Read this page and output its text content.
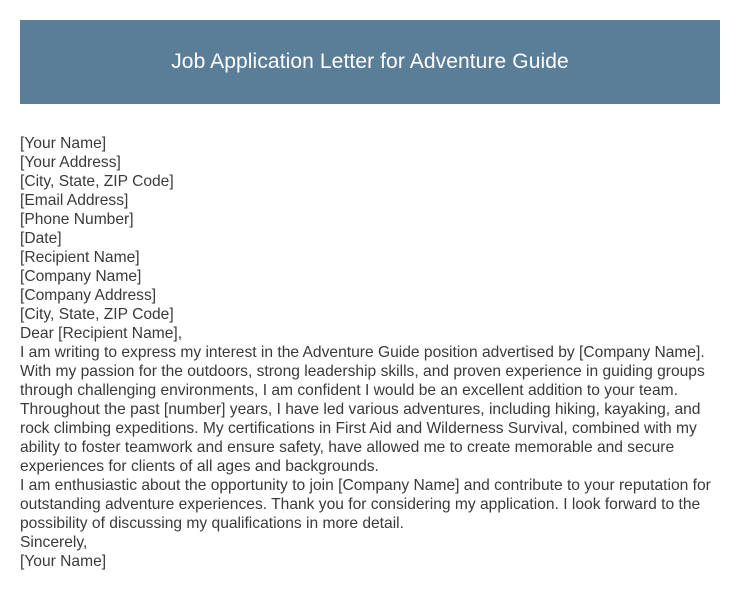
Job Application Letter for Adventure Guide
[Your Name]
[Your Address]
[City, State, ZIP Code]
[Email Address]
[Phone Number]
[Date]
[Recipient Name]
[Company Name]
[Company Address]
[City, State, ZIP Code]
Dear [Recipient Name],
I am writing to express my interest in the Adventure Guide position advertised by [Company Name]. With my passion for the outdoors, strong leadership skills, and proven experience in guiding groups through challenging environments, I am confident I would be an excellent addition to your team.
Throughout the past [number] years, I have led various adventures, including hiking, kayaking, and rock climbing expeditions. My certifications in First Aid and Wilderness Survival, combined with my ability to foster teamwork and ensure safety, have allowed me to create memorable and secure experiences for clients of all ages and backgrounds.
I am enthusiastic about the opportunity to join [Company Name] and contribute to your reputation for outstanding adventure experiences. Thank you for considering my application. I look forward to the possibility of discussing my qualifications in more detail.
Sincerely,
[Your Name]
